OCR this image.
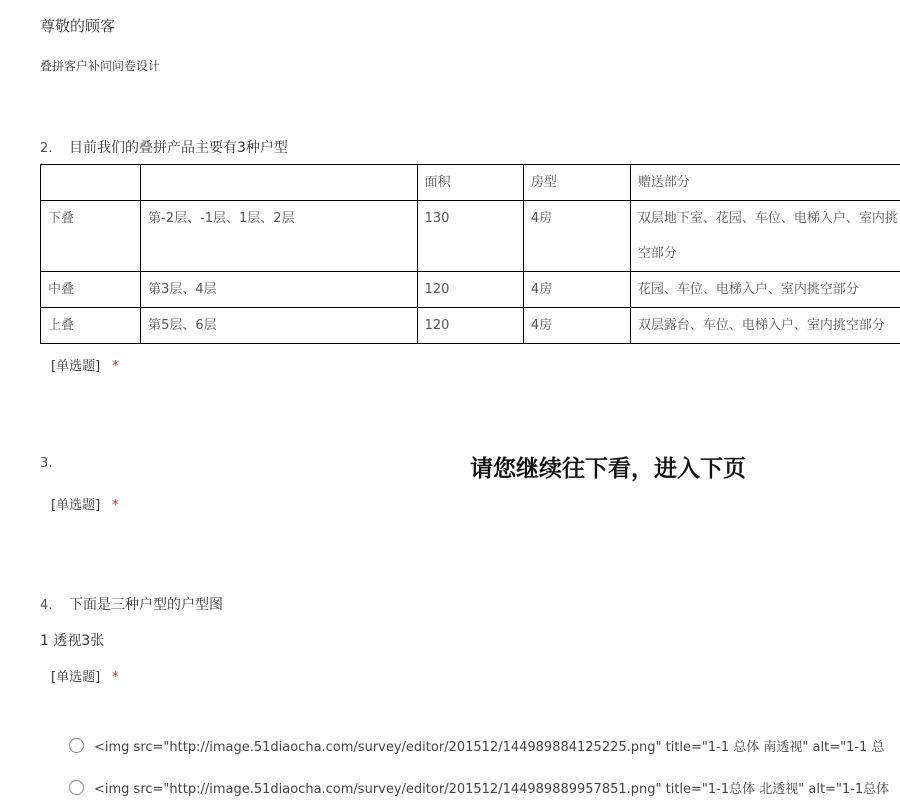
尊敬的顾客
叠拼客户补问问卷设计
2. 目前我们的叠拼产品主要有3种户型
		面积	房型	赠送部分
下叠	第-2层、-1层、1层、2层	130	4房	双层地下室、花园、车位、电梯入户、室内挑空部分
中叠	第3层、4层	120	4房	花园、车位、电梯入户、室内挑空部分
上叠	第5层、6层	120	4房	双层露台、车位、电梯入户、室内挑空部分
[单选题] *
3.	请您继续往下看，进入下页
[单选题] *
4. 下面是三种户型的户型图
1 透视3张
[单选题] *
<img src="http://image.51diaocha.com/survey/editor/201512/144989884125225.png" title="1-1 总体 南透视" alt="1-1 总
<img src="http://image.51diaocha.com/survey/editor/201512/144989889957851.png" title="1-1总体 北透视" alt="1-1总体
